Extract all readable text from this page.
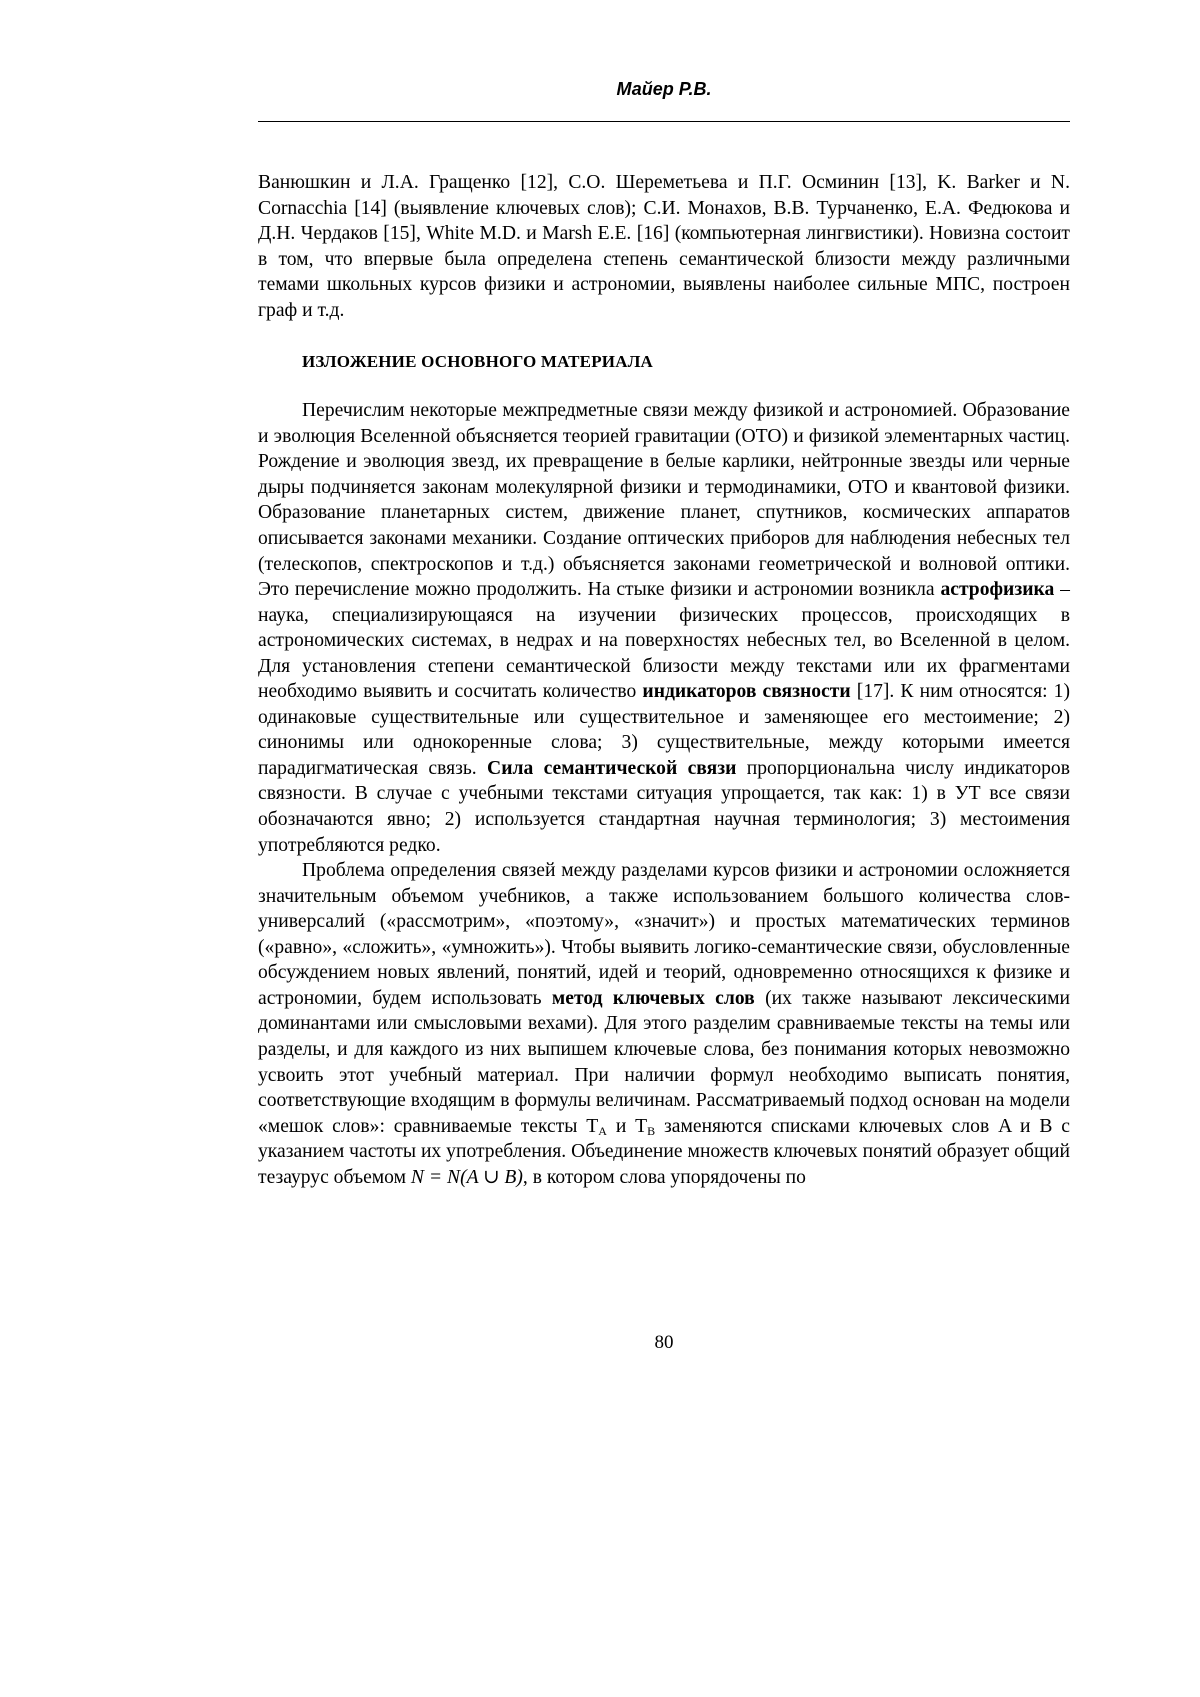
Майер Р.В.

Ванюшкин и Л.А. Гращенко [12], С.О. Шереметьева и П.Г. Осминин [13], K. Barker и N. Cornacchia [14] (выявление ключевых слов); С.И. Монахов, В.В. Турчаненко, Е.А. Федюкова и Д.Н. Чердаков [15], White M.D. и Marsh E.E. [16] (компьютерная лингвистики). Новизна состоит в том, что впервые была определена степень семантической близости между различными темами школьных курсов физики и астрономии, выявлены наиболее сильные МПС, построен граф и т.д.

ИЗЛОЖЕНИЕ ОСНОВНОГО МАТЕРИАЛА

Перечислим некоторые межпредметные связи между физикой и астрономией. Образование и эволюция Вселенной объясняется теорией гравитации (ОТО) и физикой элементарных частиц. Рождение и эволюция звезд, их превращение в белые карлики, нейтронные звезды или черные дыры подчиняется законам молекулярной физики и термодинамики, ОТО и квантовой физики. Образование планетарных систем, движение планет, спутников, космических аппаратов описывается законами механики. Создание оптических приборов для наблюдения небесных тел (телескопов, спектроскопов и т.д.) объясняется законами геометрической и волновой оптики. Это перечисление можно продолжить. На стыке физики и астрономии возникла астрофизика – наука, специализирующаяся на изучении физических процессов, происходящих в астрономических системах, в недрах и на поверхностях небесных тел, во Вселенной в целом. Для установления степени семантической близости между текстами или их фрагментами необходимо выявить и сосчитать количество индикаторов связности [17]. К ним относятся: 1) одинаковые существительные или существительное и заменяющее его местоимение; 2) синонимы или однокоренные слова; 3) существительные, между которыми имеется парадигматическая связь. Сила семантической связи пропорциональна числу индикаторов связности. В случае с учебными текстами ситуация упрощается, так как: 1) в УТ все связи обозначаются явно; 2) используется стандартная научная терминология; 3) местоимения употребляются редко.

Проблема определения связей между разделами курсов физики и астрономии осложняется значительным объемом учебников, а также использованием большого количества слов-универсалий («рассмотрим», «поэтому», «значит») и простых математических терминов («равно», «сложить», «умножить»). Чтобы выявить логико-семантические связи, обусловленные обсуждением новых явлений, понятий, идей и теорий, одновременно относящихся к физике и астрономии, будем использовать метод ключевых слов (их также называют лексическими доминантами или смысловыми вехами). Для этого разделим сравниваемые тексты на темы или разделы, и для каждого из них выпишем ключевые слова, без понимания которых невозможно усвоить этот учебный материал. При наличии формул необходимо выписать понятия, соответствующие входящим в формулы величинам. Рассматриваемый подход основан на модели «мешок слов»: сравниваемые тексты TA и TB заменяются списками ключевых слов A и B с указанием частоты их употребления. Объединение множеств ключевых понятий образует общий тезаурус объемом N = N(A ∪ B), в котором слова упорядочены по

80
